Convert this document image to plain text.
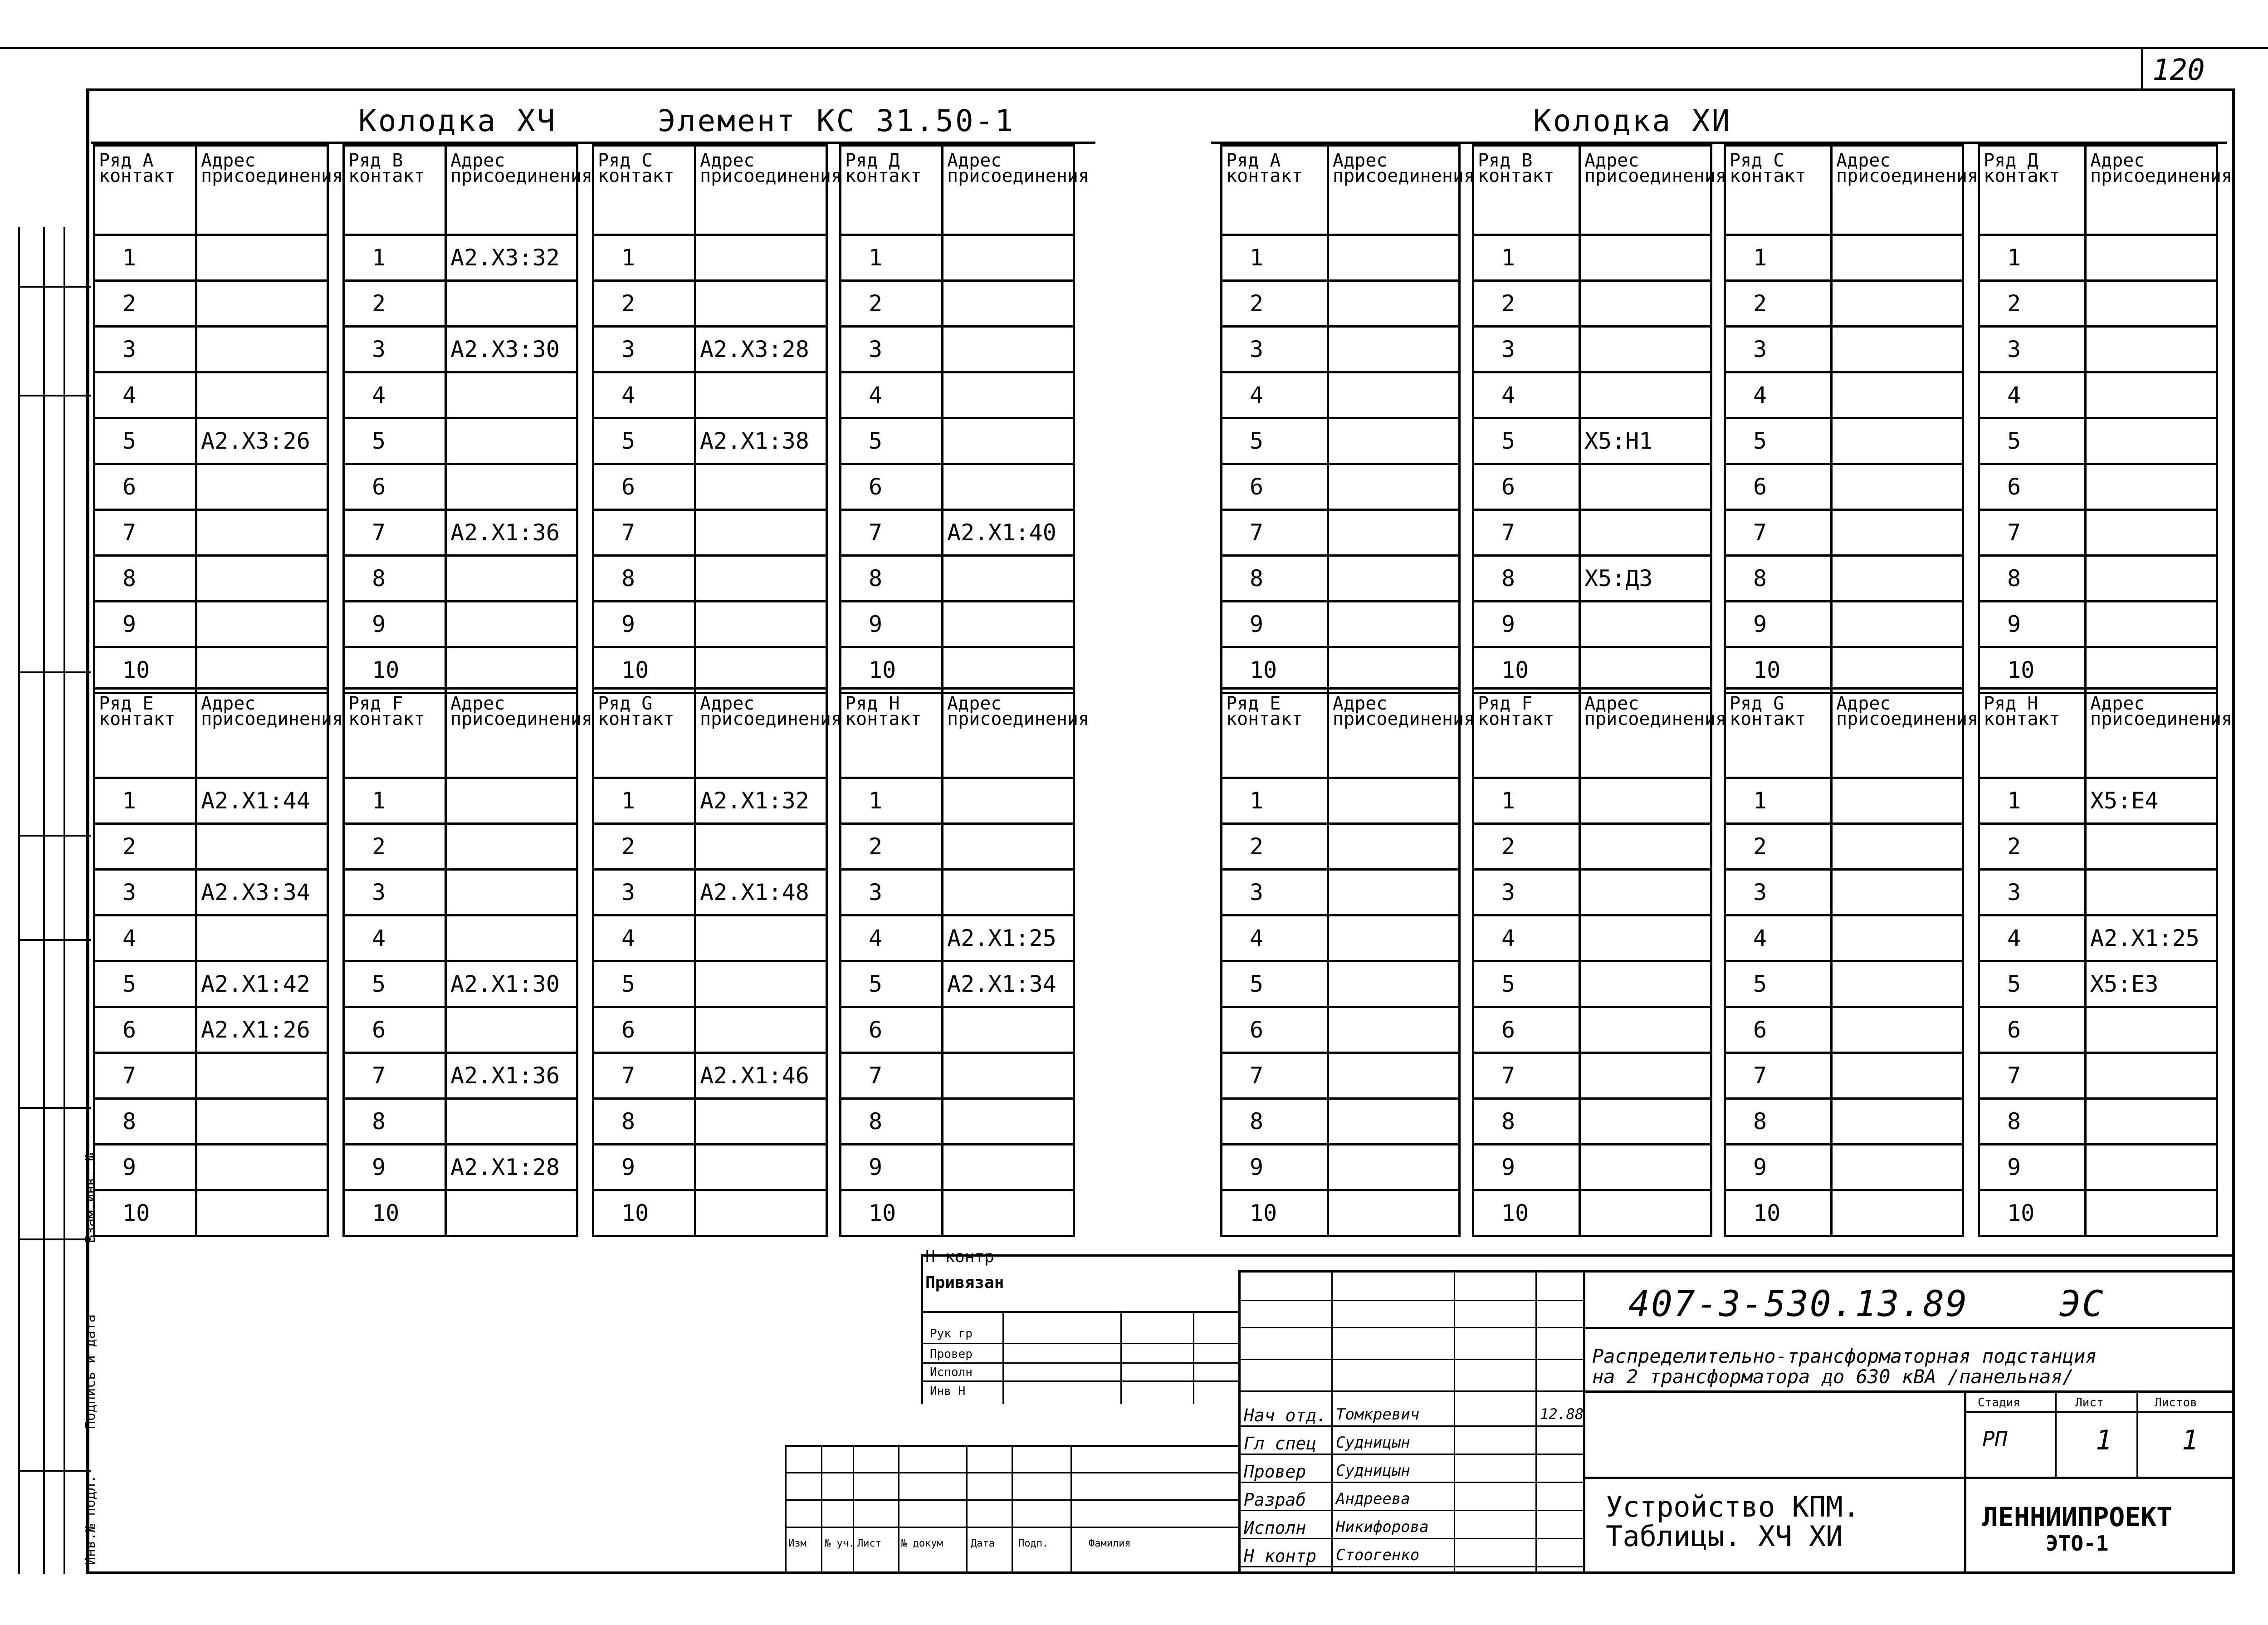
120
Инв.№ подл.
Подпись и дата
Взам.инв. №
Колодка ХЧ	Элемент КС 31.50-1	Колодка ХИ
Ряд А контакт	Адрес присоединения
1	
2	
3	
4	
5	А2.Х3:26
6	
7	
8	
9	
10	
Ряд В контакт	Адрес присоединения
1	А2.Х3:32
2	
3	А2.Х3:30
4	
5	
6	
7	А2.Х1:36
8	
9	
10	
Ряд С контакт	Адрес присоединения
1	
2	
3	А2.Х3:28
4	
5	А2.Х1:38
6	
7	
8	
9	
10	
Ряд Д контакт	Адрес присоединения
1	
2	
3	
4	
5	
6	
7	А2.Х1:40
8	
9	
10	
Ряд Е контакт	Адрес присоединения
1	А2.Х1:44
2	
3	А2.Х3:34
4	
5	А2.Х1:42
6	А2.Х1:26
7	
8	
9	
10	
Ряд F контакт	Адрес присоединения
1	
2	
3	
4	
5	А2.Х1:30
6	
7	А2.Х1:36
8	
9	А2.Х1:28
10	
Ряд G контакт	Адрес присоединения
1	А2.Х1:32
2	
3	А2.Х1:48
4	
5	
6	
7	А2.Х1:46
8	
9	
10	
Ряд Н контакт	Адрес присоединения
1	
2	
3	
4	А2.Х1:25
5	А2.Х1:34
6	
7	
8	
9	
10	
Ряд А контакт	Адрес присоединения
1	
2	
3	
4	
5	
6	
7	
8	
9	
10	
Ряд В контакт	Адрес присоединения
1	
2	
3	
4	
5	Х5:Н1
6	
7	
8	Х5:Д3
9	
10	
Ряд С контакт	Адрес присоединения
1	
2	
3	
4	
5	
6	
7	
8	
9	
10	
Ряд Д контакт	Адрес присоединения
1	
2	
3	
4	
5	
6	
7	
8	
9	
10	
Ряд Е контакт	Адрес присоединения
1	
2	
3	
4	
5	
6	
7	
8	
9	
10	
Ряд F контакт	Адрес присоединения
1	
2	
3	
4	
5	
6	
7	
8	
9	
10	
Ряд G контакт	Адрес присоединения
1	
2	
3	
4	
5	
6	
7	
8	
9	
10	
Ряд Н контакт	Адрес присоединения
1	Х5:Е4
2	
3	
4	А2.Х1:25
5	Х5:Е3
6	
7	
8	
9	
10	
Н контр
Привязан
Рук гр
Провер
Исполн
Инв Н
Изм № уч. Лист № докум	Дата Подп.	Фамилия
Нач отд. Томкревич
Гл спец Судницын
Провер Судницын
Разраб Андреева
Исполн Никифорова
Н контр Стоогенко
12.88
407-3-530.13.89	ЭС
Распределительно-трансформаторная подстанция
на 2 трансформатора до 630 кВА /панельная/
Стадия	Лист	Листов
РП	1	1
Устройство КПМ.
Таблицы. ХЧ ХИ
ЛЕННИИПРОЕКТ
ЭТО-1
